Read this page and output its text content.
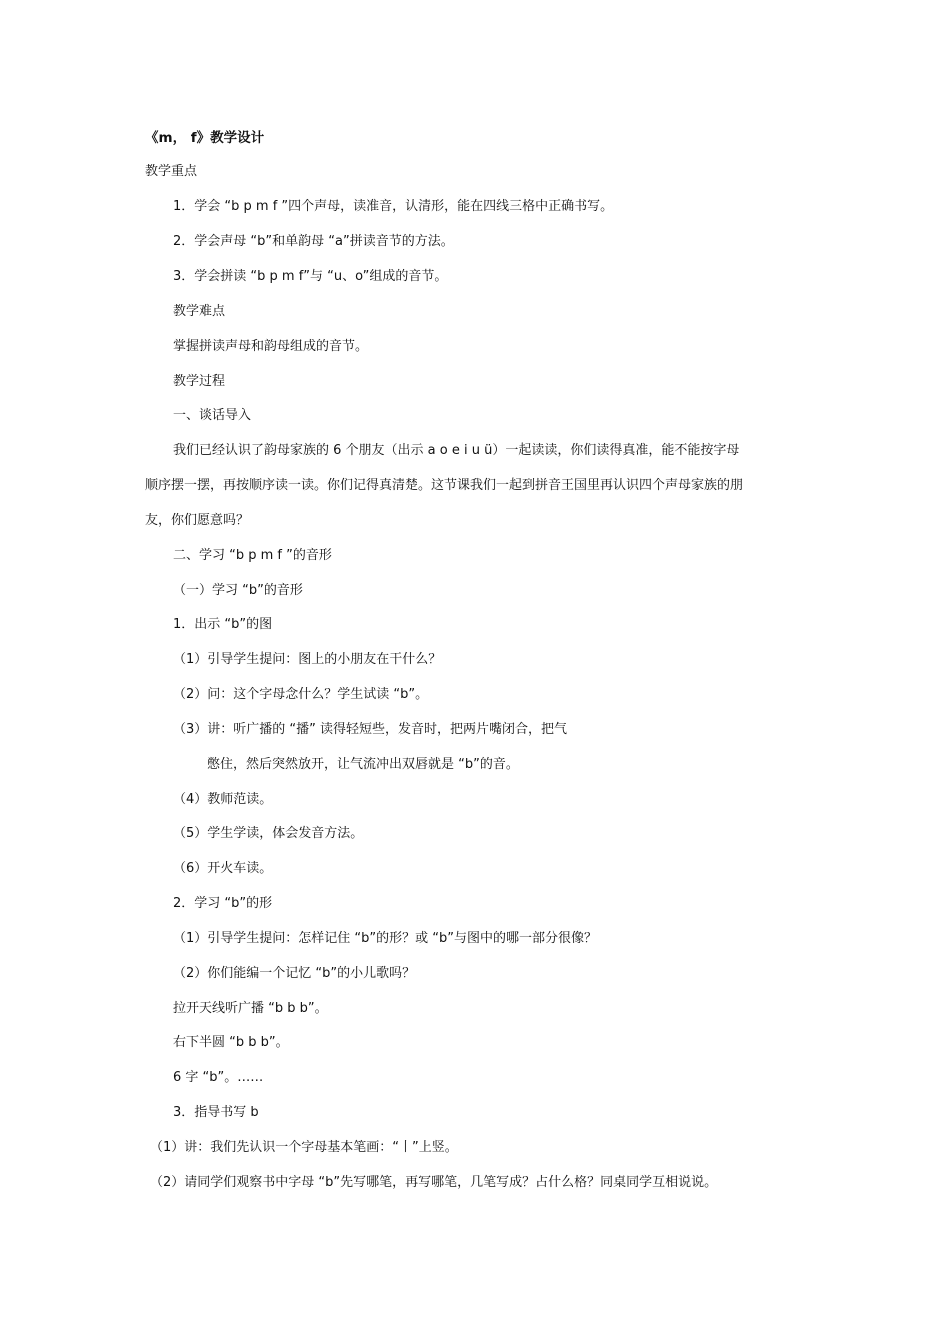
《m， f》教学设计
教学重点
1．学会 “b p m f ”四个声母，读准音，认清形，能在四线三格中正确书写。
2．学会声母 “b”和单韵母 “a”拼读音节的方法。
3．学会拼读 “b p m f”与 “u、o”组成的音节。
教学难点
掌握拼读声母和韵母组成的音节。
教学过程
一、谈话导入
我们已经认识了韵母家族的 6 个朋友（出示 a o e i u ü）一起读读，你们读得真准，能不能按字母
顺序摆一摆，再按顺序读一读。你们记得真清楚。这节课我们一起到拼音王国里再认识四个声母家族的朋
友，你们愿意吗？
二、学习 “b p m f ”的音形
（一）学习 “b”的音形
1．出示 “b”的图
（1）引导学生提问：图上的小朋友在干什么？
（2）问：这个字母念什么？学生试读 “b”。
（3）讲：听广播的 “播” 读得轻短些，发音时，把两片嘴闭合，把气
憋住，然后突然放开，让气流冲出双唇就是 “b”的音。
（4）教师范读。
（5）学生学读，体会发音方法。
（6）开火车读。
2．学习 “b”的形
（1）引导学生提问：怎样记住 “b”的形？或 “b”与图中的哪一部分很像？
（2）你们能编一个记忆 “b”的小儿歌吗？
拉开天线听广播 “b b b”。
右下半圆 “b b b”。
6 字 “b”。……
3．指导书写 b
（1）讲：我们先认识一个字母基本笔画：“丨”上竖。
（2）请同学们观察书中字母 “b”先写哪笔，再写哪笔，几笔写成？占什么格？同桌同学互相说说。
